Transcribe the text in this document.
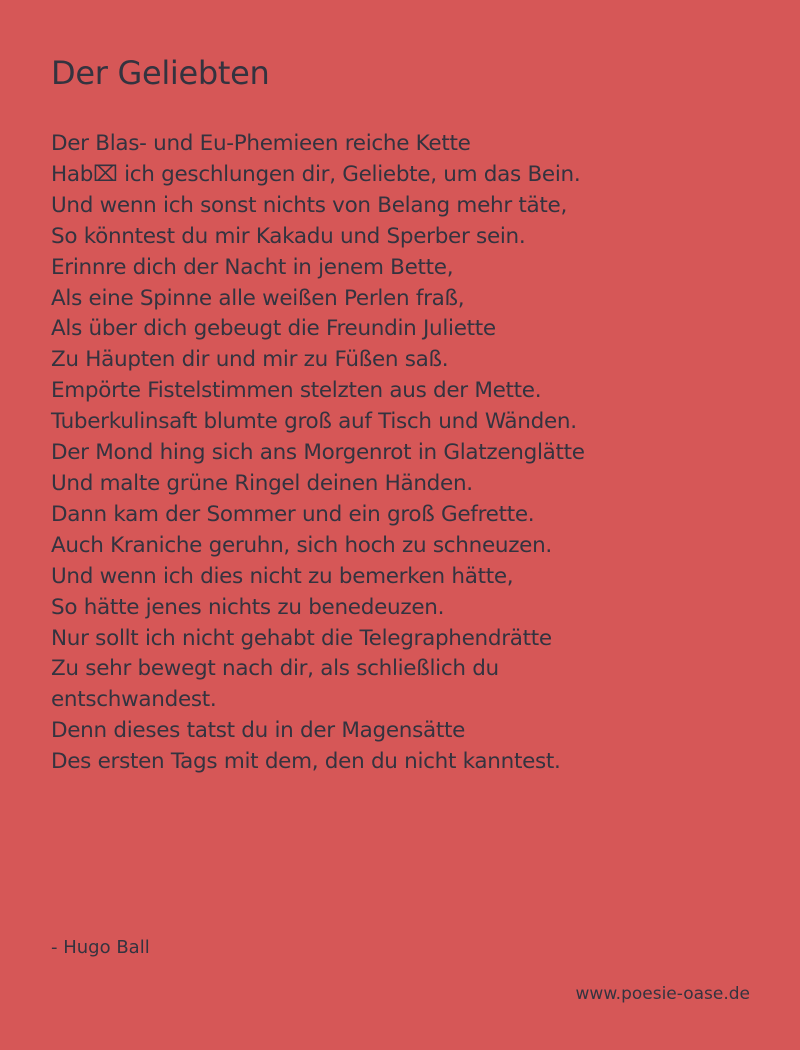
Der Geliebten
Der Blas- und Eu-Phemieen reiche Kette
Hab⌧ ich geschlungen dir, Geliebte, um das Bein.
Und wenn ich sonst nichts von Belang mehr täte,
So könntest du mir Kakadu und Sperber sein.
Erinnre dich der Nacht in jenem Bette,
Als eine Spinne alle weißen Perlen fraß,
Als über dich gebeugt die Freundin Juliette
Zu Häupten dir und mir zu Füßen saß.
Empörte Fistelstimmen stelzten aus der Mette.
Tuberkulinsaft blumte groß auf Tisch und Wänden.
Der Mond hing sich ans Morgenrot in Glatzenglätte
Und malte grüne Ringel deinen Händen.
Dann kam der Sommer und ein groß Gefrette.
Auch Kraniche geruhn, sich hoch zu schneuzen.
Und wenn ich dies nicht zu bemerken hätte,
So hätte jenes nichts zu benedeuzen.
Nur sollt ich nicht gehabt die Telegraphendrätte
Zu sehr bewegt nach dir, als schließlich du
entschwandest.
Denn dieses tatst du in der Magensätte
Des ersten Tags mit dem, den du nicht kanntest.
- Hugo Ball
www.poesie-oase.de
